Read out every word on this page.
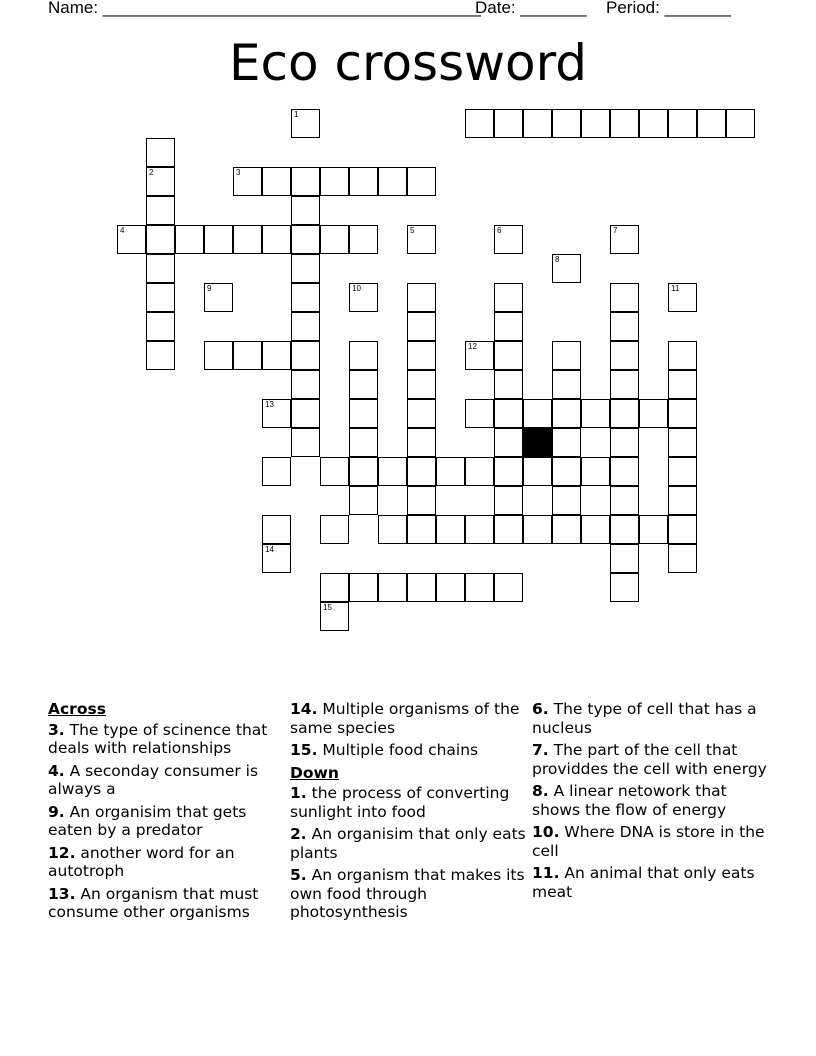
Name: ________________________________________
Date: _______ Period: _______
Eco crossword
2	3
4
1
5	6	7
8
9	10	11
12
13
14
15
Across
3. The type of scinence that deals with relationships
4. A seconday consumer is always a
9. An organisim that gets eaten by a predator
12. another word for an autotroph
13. An organism that must consume other organisms
14. Multiple organisms of the same species
15. Multiple food chains
Down
1. the process of converting sunlight into food
2. An organisim that only eats plants
5. An organism that makes its own food through photosynthesis
6. The type of cell that has a nucleus
7. The part of the cell that providdes the cell with energy
8. A linear netowork that shows the flow of energy
10. Where DNA is store in the cell
11. An animal that only eats meat
